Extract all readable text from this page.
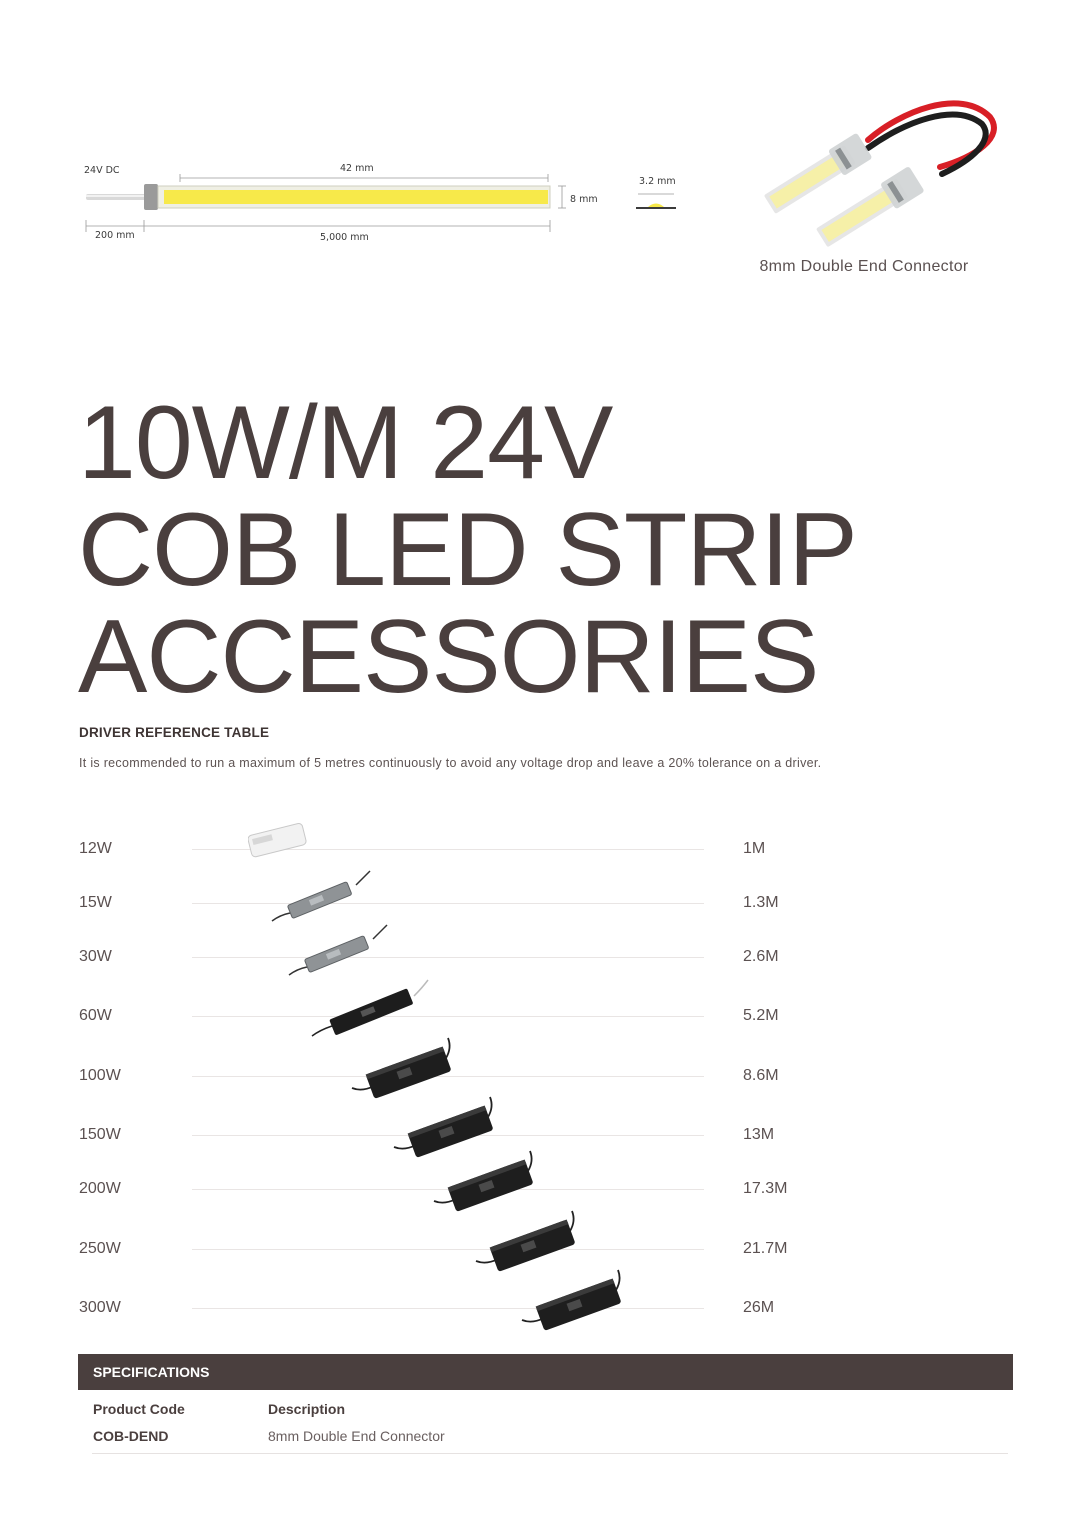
24V DC	42 mm
8 mm
3.2 mm
200 mm	5,000 mm
8mm Double End Connector
10W/M 24V
COB LED STRIP
ACCESSORIES
DRIVER REFERENCE TABLE
It is recommended to run a maximum of 5 metres continuously to avoid any voltage drop and leave a 20% tolerance on a driver.
12W	1M
15W	1.3M
30W	2.6M
60W	5.2M
100W	8.6M
150W	13M
200W	17.3M
250W	21.7M
300W	26M
SPECIFICATIONS
Product Code	Description
COB-DEND	8mm Double End Connector
